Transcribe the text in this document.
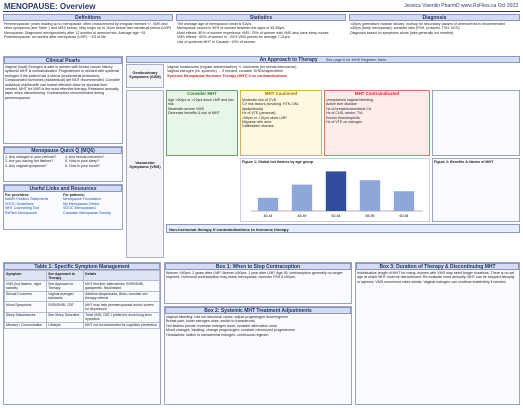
MENOPAUSE: Overview	Jessica Visentin PharmD www.RxFiles.ca Oct 2023
Definitions
Perimenopause: years leading up to menopause, often characterized by irregular menses +/- VMS and other symptoms (see Table 1 and MSS below). May begin up to 10yrs before last menstrual period (LMP)
Menopause: Diagnosed retrospectively after 12 months of amenorrhea. Average age ~51
Postmenopause: all months after menopause (LMP). ~1/3 of life
Statistics
The average age of menopause onset is 51yrs.
Menopause occurs in 90% of women between the ages of 45-55yrs.
Most effects: 80% of women experience VMS; 75% of women with VMS also have sleep issues
VMS effects ~60% of women in ~20% VMS persist for average 7-11yrs.
Use of systemic MHT in Canada ~15% of women
Diagnosis
<45yrs (premature ovarian failure): workup for secondary causes of amenorrhea is recommended
≥45yrs (early menopause): consider labs (FSH, prolactin, TSH, hCG)
Diagnosis based on symptoms alone (labs generally not needed)
Clinical Pearls
Vaginal (local) Estrogen is safe in women with breast cancer history; systemic MHT is contraindicated. Progesterone is needed with systemic estrogen if the patient has a uterus (endometrial protection). Compounded hormones (bioidentical) are NOT recommended. Consider individual risk/benefit; use lowest effective dose for shortest time needed. MHT for VMS is the most effective therapy. Reassess annually; taper when discontinuing. Contraception recommended during perimenopause.
Menopause Quick Q (MQ6)
1. Any changes in your periods?
2. Are you having hot flashes?
3. Any vaginal symptoms?
4. Any sexual concerns?
5. How is your sleep?
6. How is your mood?
Useful Links and Resources
For providers:
NAMS Position Statements
SOGC Guidelines
MHT Counseling Tool
RxFiles Menopause
For patients:
Menopause Foundation
My Menopause Centre
SOGC MenopauseU
Canadian Menopause Society
An Approach to Therapy See page 6 for MHS Regimen Table
Genitourinary Symptoms (GSM)
Vaginal moisturizers (regular administration) +/- lubricants (for sexual intercourse)
Vaginal estrogen (vs. systemic) → if needed, consider DHEA/ospemifene
Systemic Menopausal Hormone Therapy (MHT) if no contraindications
Consider MHT
Age <60yrs or <10yrs since LMP and low risk
Moderate-severe VMS
Decrease benefits & risk of MHT
MHT Cautioned
Moderate risk of CVD
CV risk factors (smoking, HTN, DM, dyslipidemia)
Hx of VTE (personal)
>60yrs or >10yrs since LMP
Migraine with aura
Gallbladder disease
MHT Contraindicated
Unexplained vaginal bleeding
Active liver disease
Hx of breast/endometrial CA
Hx of CHD, stroke, TIA
Known thrombophilia
Hx of VTE on estrogen
Vasomotor Symptoms (VMS)
Figure 1: Global hot flashes by age group
40-44	45-49	50-54	55-59	60-64
Figure 2: Benefits & Harms of MHT
Non-hormonal therapy if contraindications to hormone therapy
Table 1: Specific Symptom Management
Symptom	See Approach to Therapy	Details
VMS (hot flashes, night sweats)	See Approach to Therapy	MHT first line; alternatives: SSRI/SNRI, gabapentin, fezolinetant
Sexual Concerns	Vaginal estrogen; lubricants	Address dyspareunia, libido; consider sex therapy referral
Mood Symptoms	SSRI/SNRI; CBT	MHT may help perimenopausal mood; screen for depression
Sleep Disturbances	See Sleep Disorders	Treat VMS; CBT-I preferred; avoid long-term hypnotics
Memory / Concentration	Lifestyle	MHT not recommended for cognition prevention
Box 1: When to Stop Contraception
Women <50yrs: 2 years after LMP. Women ≥50yrs: 1 year after LMP. Age 55: contraception generally no longer required. Hormonal contraception may mask menopause; consider FSH if ≥50yrs.
Box 2: Systemic MHT Treatment Adjustments
Vaginal bleeding: rule out structural cause; adjust progestogen dose/regimen
Breast pain: lower estrogen dose; switch to transdermal
Hot flashes persist: increase estrogen dose; consider alternative route
Mood changes, bloating: change progestogen; consider micronized progesterone
Headaches: switch to transdermal estrogen; continuous regimen
Box 3: Duration of Therapy & Discontinuing MHT
Individualize length of MHT for many; women with VMS may need longer durations. There is no set age at which MHT must be discontinued. Re-evaluate need annually. MHT can be stopped abruptly or tapered; VMS recurrence rates similar. Vaginal estrogen can continue indefinitely if needed.
